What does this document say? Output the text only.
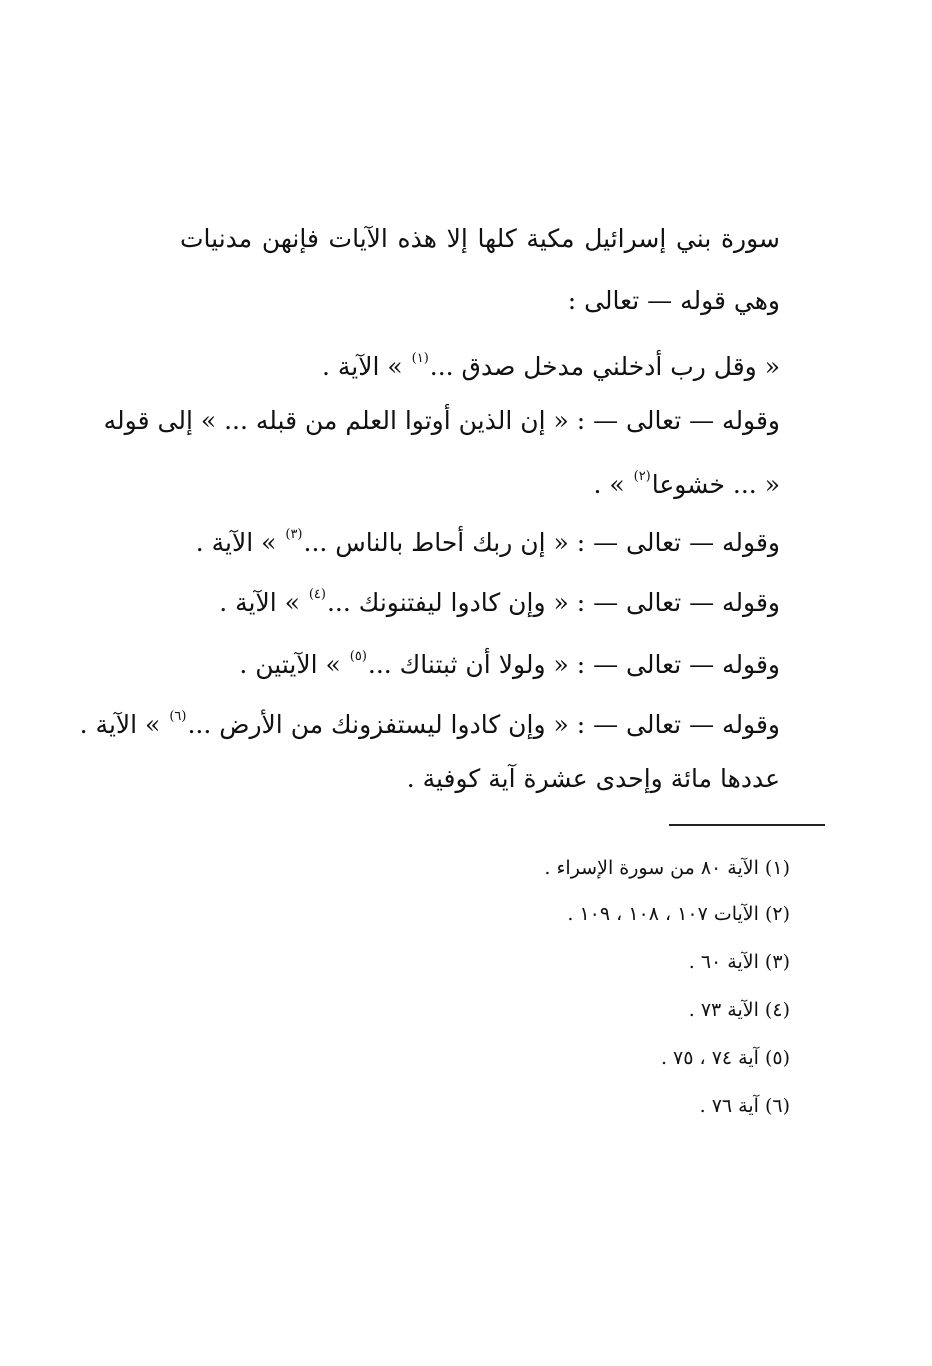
سورة بني إسرائيل مكية كلها إلا هذه الآيات فإنهن مدنيات
وهي قوله — تعالى :
« وقل رب أدخلني مدخل صدق ...$^{(١)}$ » الآية .
وقوله — تعالى — : « إن الذين أوتوا العلم من قبله ... » إلى قوله
« ... خشوعا$^{(٢)}$ » .
وقوله — تعالى — : « إن ربك أحاط بالناس ...$^{(٣)}$ » الآية .
وقوله — تعالى — : « وإن كادوا ليفتنونك ...$^{(٤)}$ » الآية .
وقوله — تعالى — : « ولولا أن ثبتناك ...$^{(٥)}$ » الآيتين .
وقوله — تعالى — : « وإن كادوا ليستفزونك من الأرض ...$^{(٦)}$ » الآية .
عددها مائة وإحدى عشرة آية كوفية .
(١) الآية ٨٠ من سورة الإسراء .
(٢) الآيات ١٠٧ ، ١٠٨ ، ١٠٩ .
(٣) الآية ٦٠ .
(٤) الآية ٧٣ .
(٥) آية ٧٤ ، ٧٥ .
(٦) آية ٧٦ .
